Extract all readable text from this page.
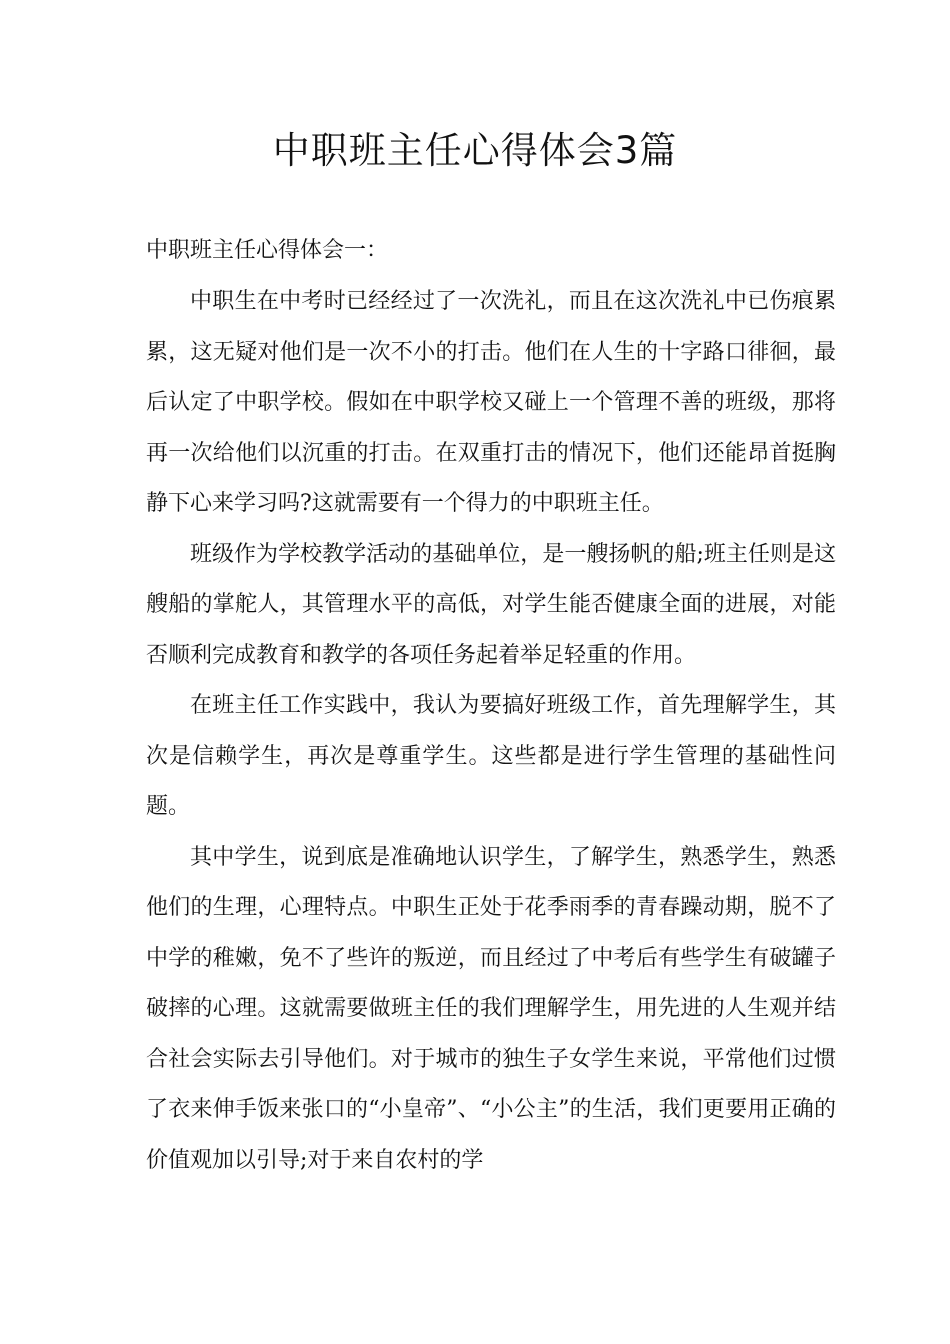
中职班主任心得体会3篇
中职班主任心得体会一：

中职生在中考时已经经过了一次洗礼，而且在这次洗礼中已伤痕累累，这无疑对他们是一次不小的打击。他们在人生的十字路口徘徊，最后认定了中职学校。假如在中职学校又碰上一个管理不善的班级，那将再一次给他们以沉重的打击。在双重打击的情况下，他们还能昂首挺胸静下心来学习吗?这就需要有一个得力的中职班主任。

班级作为学校教学活动的基础单位，是一艘扬帆的船;班主任则是这艘船的掌舵人，其管理水平的高低，对学生能否健康全面的进展，对能否顺利完成教育和教学的各项任务起着举足轻重的作用。

在班主任工作实践中，我认为要搞好班级工作，首先理解学生，其次是信赖学生，再次是尊重学生。这些都是进行学生管理的基础性问题。

其中学生，说到底是准确地认识学生，了解学生，熟悉学生，熟悉他们的生理，心理特点。中职生正处于花季雨季的青春躁动期，脱不了中学的稚嫩，免不了些许的叛逆，而且经过了中考后有些学生有破罐子破摔的心理。这就需要做班主任的我们理解学生，用先进的人生观并结合社会实际去引导他们。对于城市的独生子女学生来说，平常他们过惯了衣来伸手饭来张口的“小皇帝”、“小公主”的生活，我们更要用正确的价值观加以引导;对于来自农村的学
